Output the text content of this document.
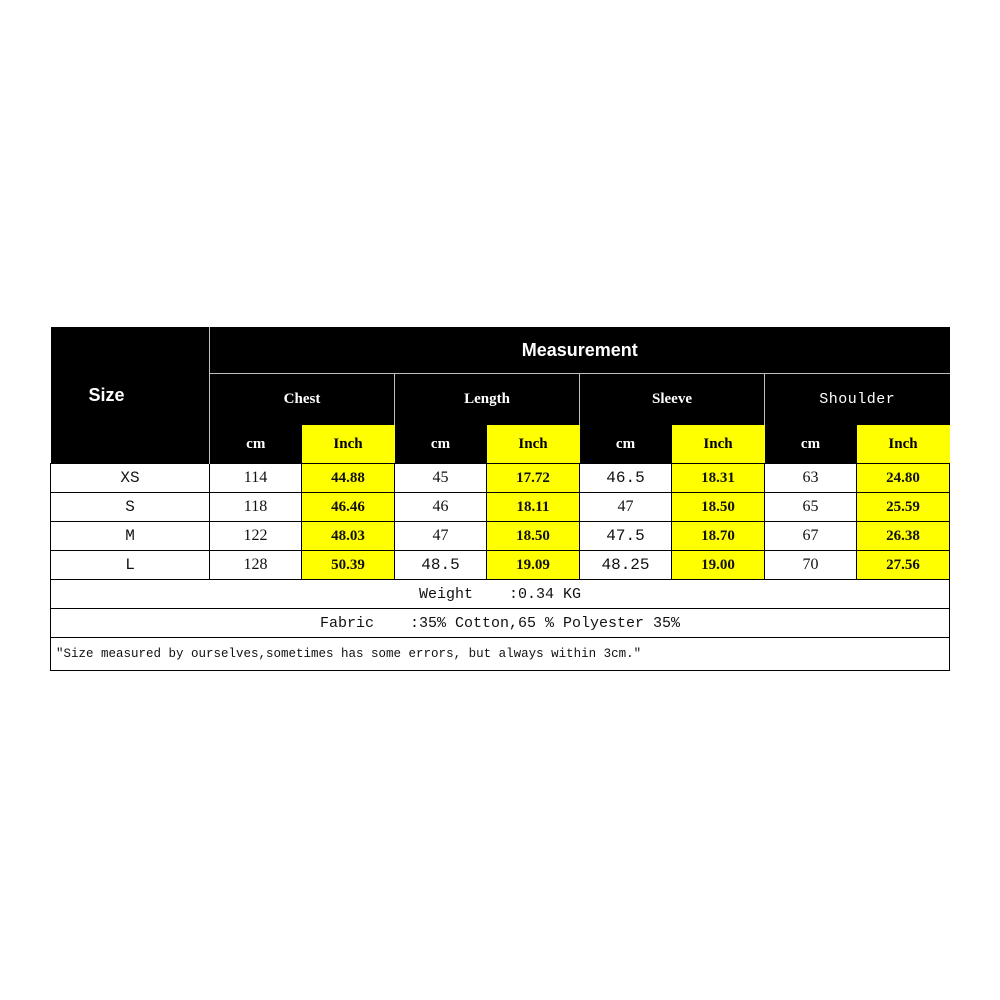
Size	Measurement							
	Chest		Length		Sleeve		Shoulder	
	cm	Inch	cm	Inch	cm	Inch	cm	Inch
XS	114	44.88	45	17.72	46.5	18.31	63	24.80
S	118	46.46	46	18.11	47	18.50	65	25.59
M	122	48.03	47	18.50	47.5	18.70	67	26.38
L	128	50.39	48.5	19.09	48.25	19.00	70	27.56
Weight :0.34 KG								
Fabric :35% Cotton,65 % Polyester 35%								
"Size measured by ourselves,sometimes has some errors, but always within 3cm."								
